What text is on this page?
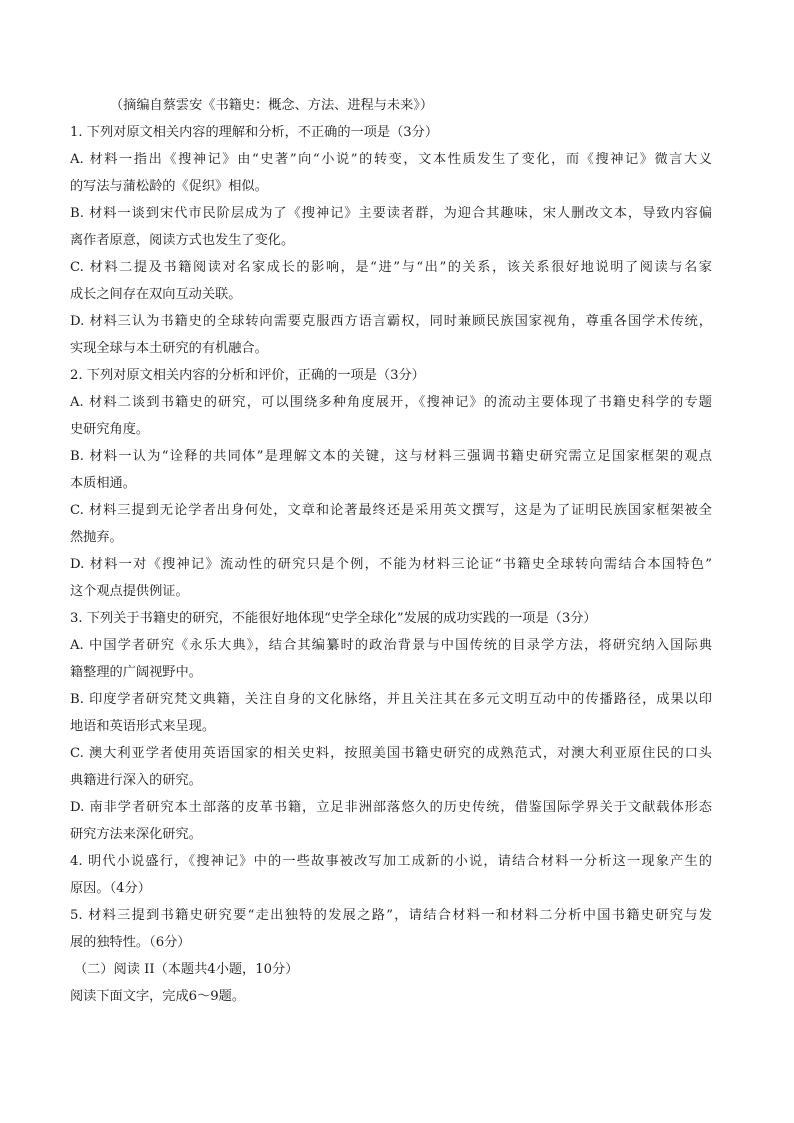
（摘编自蔡雲安《书籍史：概念、方法、进程与未来》）
1. 下列对原文相关内容的理解和分析，不正确的一项是（3分）
A. 材料一指出《搜神记》由“史著”向“小说”的转变，文本性质发生了变化，而《搜神记》微言大义
的写法与蒲松龄的《促织》相似。
B. 材料一谈到宋代市民阶层成为了《搜神记》主要读者群，为迎合其趣味，宋人删改文本，导致内容偏
离作者原意，阅读方式也发生了变化。
C. 材料二提及书籍阅读对名家成长的影响，是“进”与“出”的关系，该关系很好地说明了阅读与名家
成长之间存在双向互动关联。
D. 材料三认为书籍史的全球转向需要克服西方语言霸权，同时兼顾民族国家视角，尊重各国学术传统，
实现全球与本土研究的有机融合。
2. 下列对原文相关内容的分析和评价，正确的一项是（3分）
A. 材料二谈到书籍史的研究，可以围绕多种角度展开，《搜神记》的流动主要体现了书籍史科学的专题
史研究角度。
B. 材料一认为“诠释的共同体”是理解文本的关键，这与材料三强调书籍史研究需立足国家框架的观点
本质相通。
C. 材料三提到无论学者出身何处，文章和论著最终还是采用英文撰写，这是为了证明民族国家框架被全
然抛弃。
D. 材料一对《搜神记》流动性的研究只是个例，不能为材料三论证“书籍史全球转向需结合本国特色”
这个观点提供例证。
3. 下列关于书籍史的研究，不能很好地体现“史学全球化”发展的成功实践的一项是（3分）
A. 中国学者研究《永乐大典》，结合其编纂时的政治背景与中国传统的目录学方法，将研究纳入国际典
籍整理的广阔视野中。
B. 印度学者研究梵文典籍，关注自身的文化脉络，并且关注其在多元文明互动中的传播路径，成果以印
地语和英语形式来呈现。
C. 澳大利亚学者使用英语国家的相关史料，按照美国书籍史研究的成熟范式，对澳大利亚原住民的口头
典籍进行深入的研究。
D. 南非学者研究本土部落的皮革书籍，立足非洲部落悠久的历史传统，借鉴国际学界关于文献载体形态
研究方法来深化研究。
4. 明代小说盛行，《搜神记》中的一些故事被改写加工成新的小说，请结合材料一分析这一现象产生的
原因。（4分）
5. 材料三提到书籍史研究要“走出独特的发展之路”，请结合材料一和材料二分析中国书籍史研究与发
展的独特性。（6分）
（二）阅读 II（本题共4小题，10分）
阅读下面文字，完成6～9题。
